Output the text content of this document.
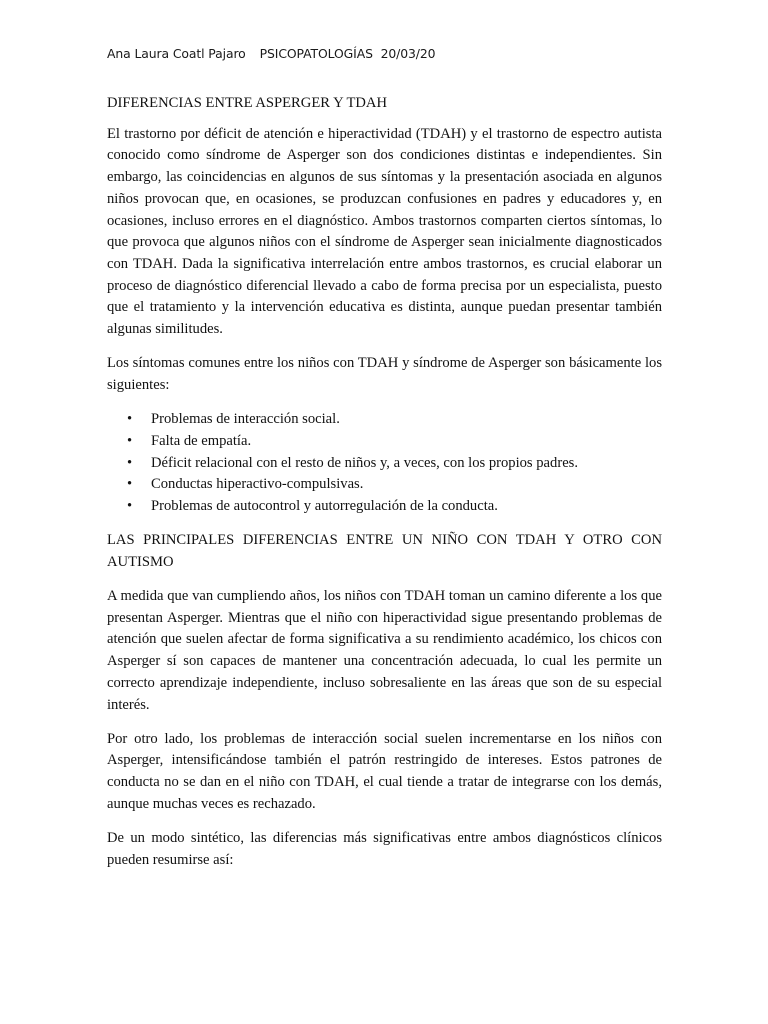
Ana Laura Coatl Pajaro PSICOPATOLOGÍAS 20/03/20
DIFERENCIAS ENTRE ASPERGER Y TDAH

El trastorno por déficit de atención e hiperactividad (TDAH) y el trastorno de espectro autista conocido como síndrome de Asperger son dos condiciones distintas e independientes. Sin embargo, las coincidencias en algunos de sus síntomas y la presentación asociada en algunos niños provocan que, en ocasiones, se produzcan confusiones en padres y educadores y, en ocasiones, incluso errores en el diagnóstico. Ambos trastornos comparten ciertos síntomas, lo que provoca que algunos niños con el síndrome de Asperger sean inicialmente diagnosticados con TDAH. Dada la significativa interrelación entre ambos trastornos, es crucial elaborar un proceso de diagnóstico diferencial llevado a cabo de forma precisa por un especialista, puesto que el tratamiento y la intervención educativa es distinta, aunque puedan presentar también algunas similitudes.

Los síntomas comunes entre los niños con TDAH y síndrome de Asperger son básicamente los siguientes:

• Problemas de interacción social.
• Falta de empatía.
• Déficit relacional con el resto de niños y, a veces, con los propios padres.
• Conductas hiperactivo-compulsivas.
• Problemas de autocontrol y autorregulación de la conducta.
LAS PRINCIPALES DIFERENCIAS ENTRE UN NIÑO CON TDAH Y OTRO CON AUTISMO

A medida que van cumpliendo años, los niños con TDAH toman un camino diferente a los que presentan Asperger. Mientras que el niño con hiperactividad sigue presentando problemas de atención que suelen afectar de forma significativa a su rendimiento académico, los chicos con Asperger sí son capaces de mantener una concentración adecuada, lo cual les permite un correcto aprendizaje independiente, incluso sobresaliente en las áreas que son de su especial interés.

Por otro lado, los problemas de interacción social suelen incrementarse en los niños con Asperger, intensificándose también el patrón restringido de intereses. Estos patrones de conducta no se dan en el niño con TDAH, el cual tiende a tratar de integrarse con los demás, aunque muchas veces es rechazado.

De un modo sintético, las diferencias más significativas entre ambos diagnósticos clínicos pueden resumirse así:
